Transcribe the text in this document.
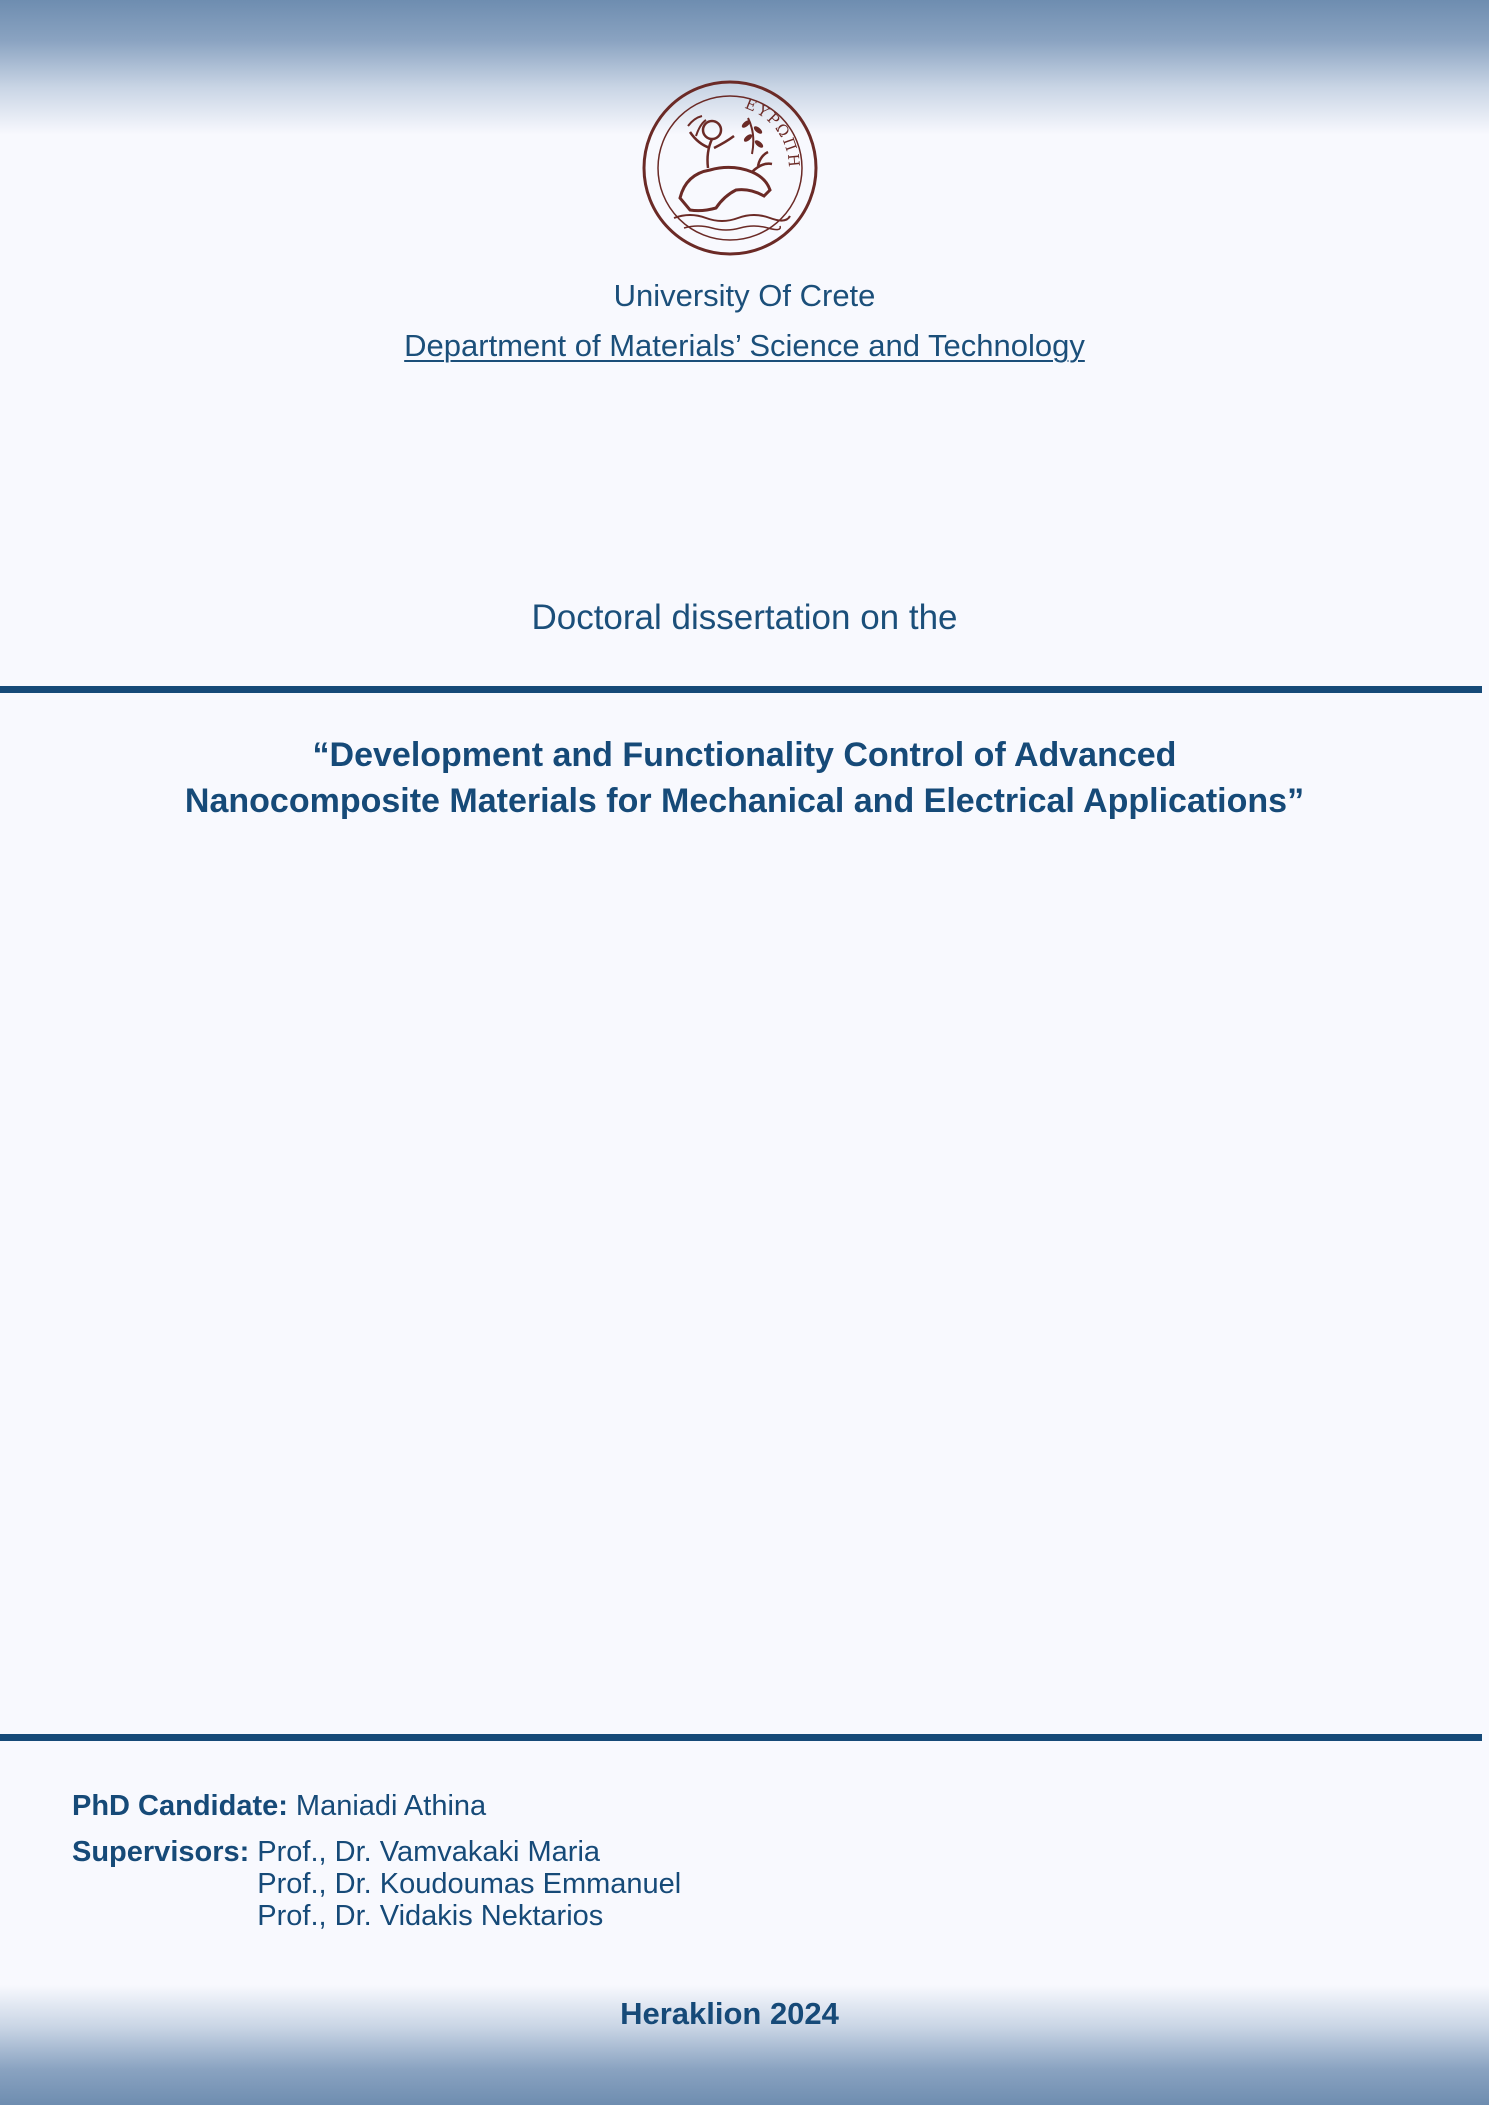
ΕΥΡΩΠΗ
University Of Crete
Department of Materials’ Science and Technology
Doctoral dissertation on the
“Development and Functionality Control of Advanced
Nanocomposite Materials for Mechanical and Electrical Applications”
PhD Candidate: Maniadi Athina
Supervisors: Prof., Dr. Vamvakaki Maria
Prof., Dr. Koudoumas Emmanuel
Prof., Dr. Vidakis Nektarios
Heraklion 2024
